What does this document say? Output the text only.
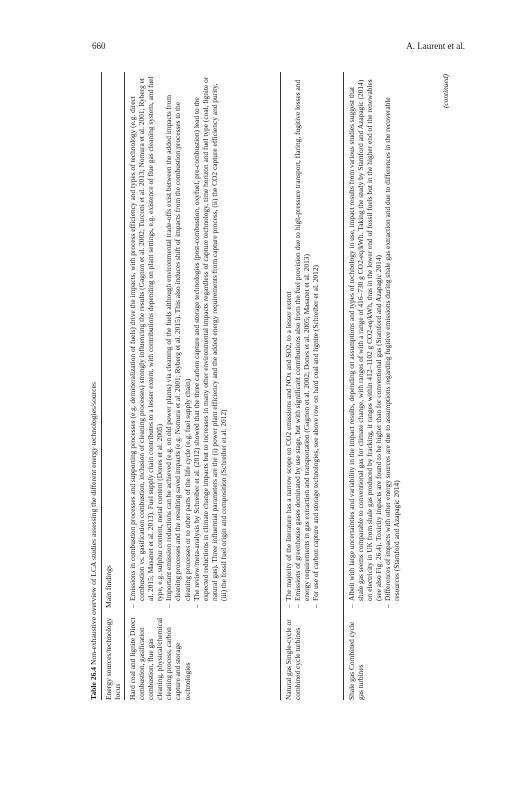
660	A. Laurent et al.
Table 26.4 Non-exhaustive overview of LCA studies assessing the different energy technologies/sources Energy sources/technology focus
Main findings
Hard coal and lignite Direct combustion, gasification combustion, flue gas cleaning, physical/chemical cleaning process, carbon capture and storage technologies
– Emissions in combustion processes and supporting processes (e.g. demineralization of fuels) drive the impacts, with process efficiency and types of technology (e.g. direct combustion vs. gasification combustion, inclusion of cleaning processes) strongly influencing the results (Gagnon et al. 2002; Turconi et al. 2013; Nomura et al. 2001; Ryberg et al. 2015; Masanet et al. 2013). Fuel supply chain contributes to a lesser extent, with contributions depending on plant settings, e.g. existence of flue gas cleaning system, and fuel type, e.g. sulphur content, metal content (Dones et al. 2005) – Important emission reductions can be achieved (e.g. on old power plants) via cleaning of the fuels although environmental trade-offs exist between the added impacts from cleaning processes and the resulting saved impacts (e.g. Nomura et al. 2001; Ryberg et al. 2015). This also induces shift of impacts from the combustion processes to the cleaning processes or to other parts of the life cycle (e.g. fuel supply chain) – The review/meta-analysis by Schreiber et al. (2012) showed that the three carbon capture and storage technologies (post-combustion, oxyfuel, pre-combustion) lead to the expected reductions in climate change impacts but to increases in many other environmental impacts regardless of capture technology, time horizon and fuel type (coal, lignite or natural gas). Three influential parameters are the (i) power plant efficiency and the added energy requirements from capture process, (ii) the CO2 capture efficiency and purity, (iii) the fossil fuel origin and composition (Schreiber et al. 2012)
Natural gas Single-cycle or combined cycle turbines
– The majority of the literature has a narrow scope on CO2 emissions and NOx and SO2, to a lesser extent – Emissions of greenhouse gases dominated by use stage, but with significant contributions also from the fuel provision due to high-pressure transport, flaring, fugitive losses and energy requirements in gas extraction and transportation (Gagnon et al. 2002; Dones et al. 2005; Masanet et al. 2013) – For use of carbon capture and storage technologies, see above row on hard coal and lignite (Schreiber et al. 2012)
Shale gas Combined cycle gas turbines
– Albeit with large uncertainties and variability in the impact results, depending on assumptions and types of technology in use, impact results from various studies suggest that shale gas seems comparable to conventional gas for climate change, with ranges of with a range of 416–730 g CO2-eq/kWh. Taking the study by Stamford and Azapagic (2014) on electricity in UK from shale gas produced by fracking, it ranges within 412–1102 g CO2-eq/kWh, thus in the lower end of fossil fuels but in the higher end of the renewables (see also Fig. 26.4). Toxicity impacts are found to be higher than for conventional gas (Stamford and Azapagic 2014) – Differences of impacts with other energy sources are due to assumptions regarding fugitive emissions during shale gas extraction and due to differences in the recoverable resources (Stamford and Azapagic 2014)
(continued)
